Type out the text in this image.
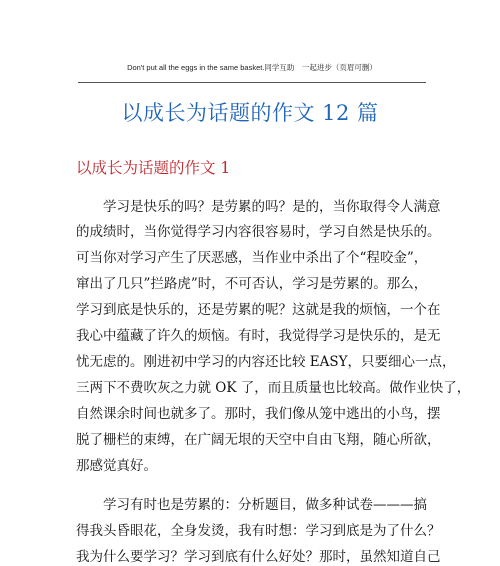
Don't put all the eggs in the same basket.同学互助　一起进步（页眉可删）
以成长为话题的作文 12 篇
以成长为话题的作文 1
　　学习是快乐的吗？是劳累的吗？是的，当你取得令人满意
的成绩时，当你觉得学习内容很容易时，学习自然是快乐的。
可当你对学习产生了厌恶感，当作业中杀出了个“程咬金”，
窜出了几只”拦路虎”时，不可否认，学习是劳累的。那么，
学习到底是快乐的，还是劳累的呢？这就是我的烦恼，一个在
我心中蕴藏了许久的烦恼。有时，我觉得学习是快乐的，是无
忧无虑的。刚进初中学习的内容还比较 EASY，只要细心一点，
三两下不费吹灰之力就 OK 了，而且质量也比较高。做作业快了，
自然课余时间也就多了。那时，我们像从笼中逃出的小鸟，摆
脱了栅栏的束缚，在广阔无垠的天空中自由飞翔，随心所欲，
那感觉真好。
　　学习有时也是劳累的：分析题目，做多种试卷———搞
得我头昏眼花，全身发烫，我有时想：学习到底是为了什么？
我为什么要学习？学习到底有什么好处？那时，虽然知道自己
